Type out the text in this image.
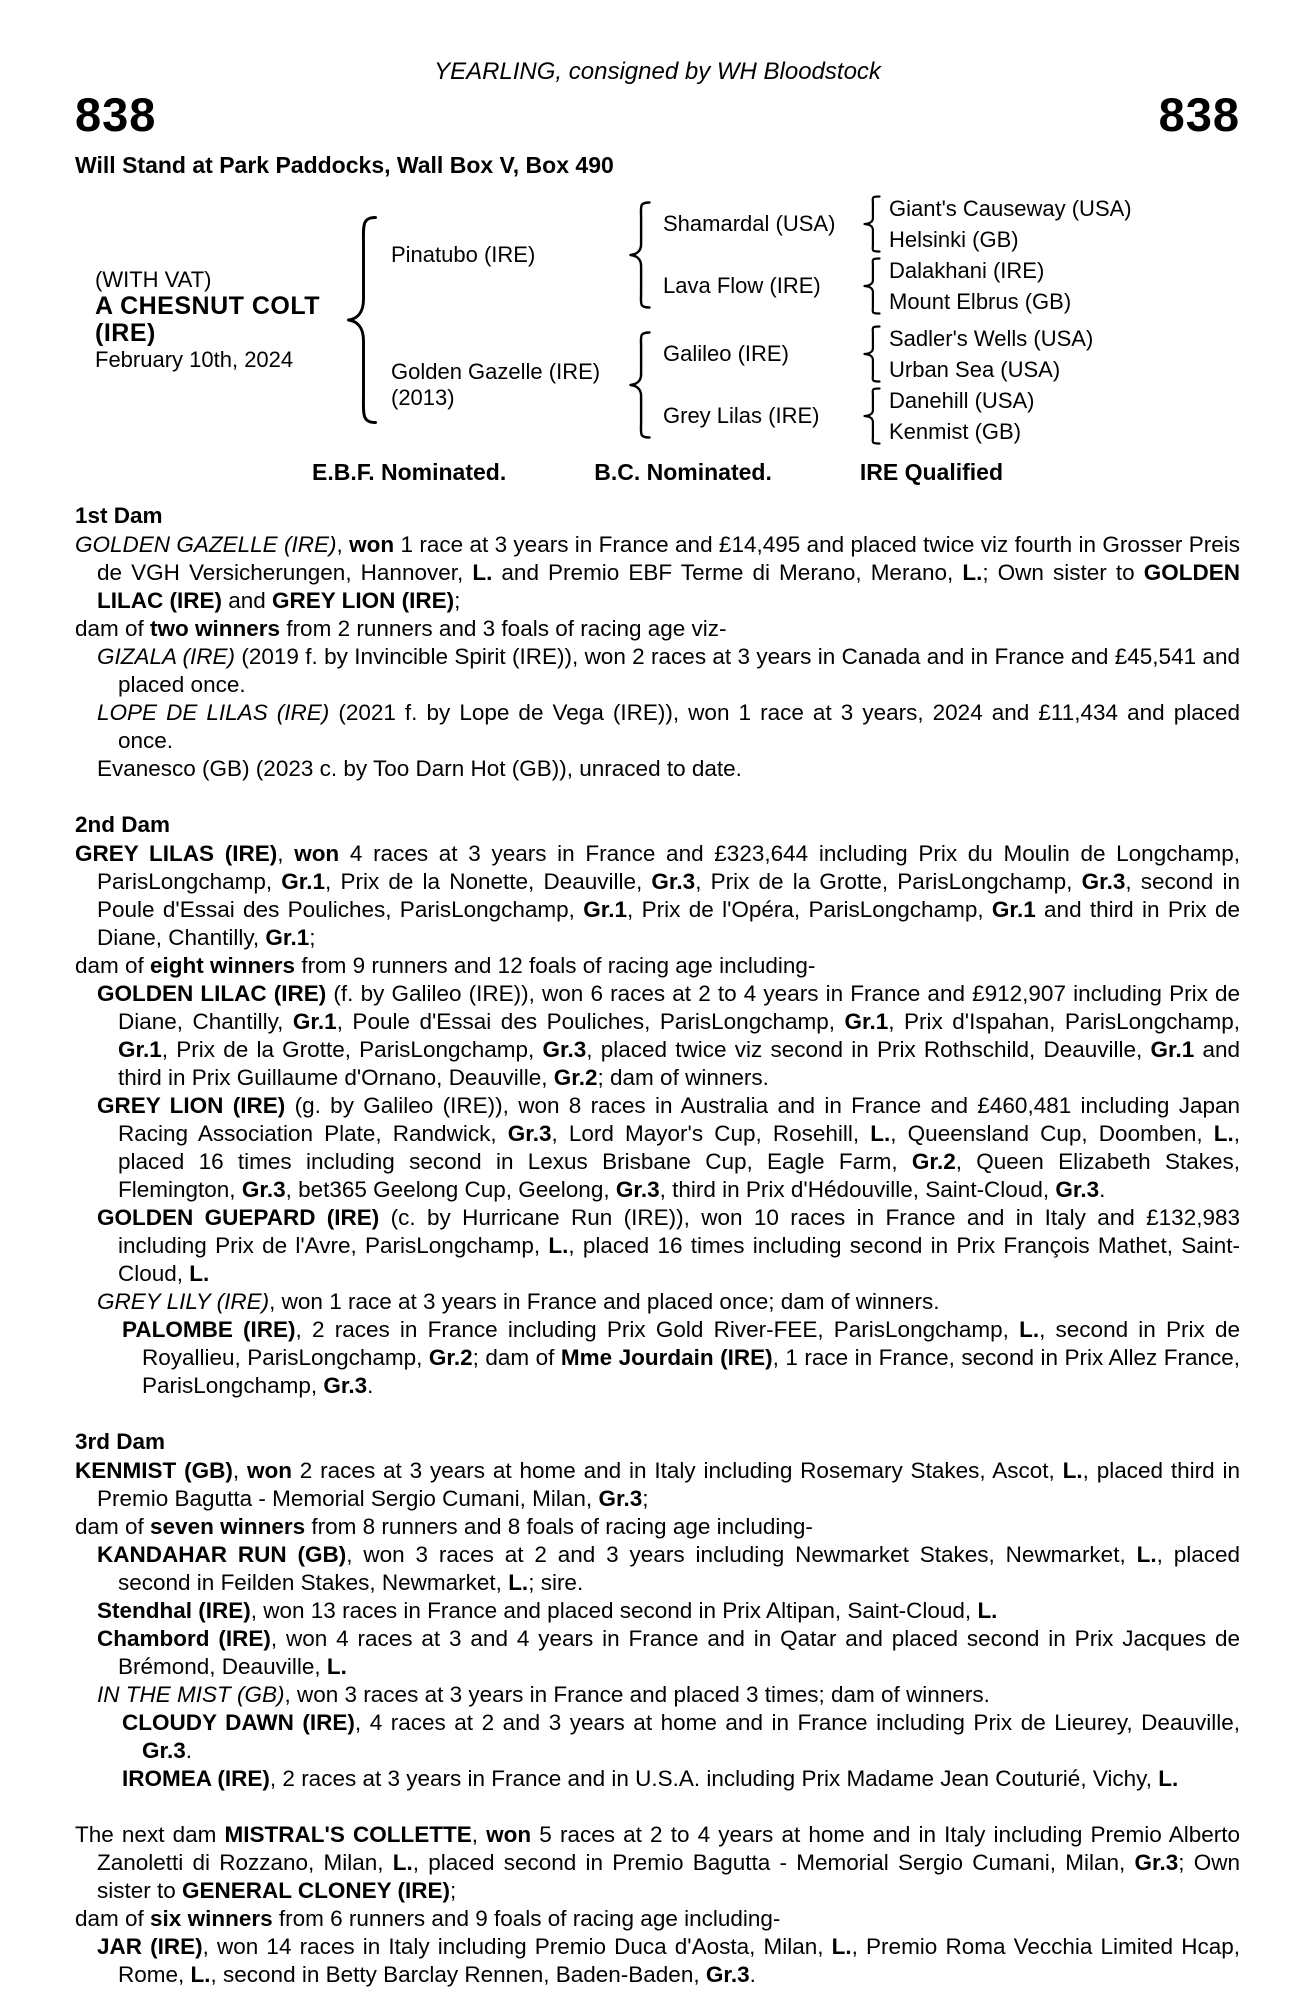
YEARLING, consigned by WH Bloodstock
838	838
Will Stand at Park Paddocks, Wall Box V, Box 490
(WITH VAT)
A CHESNUT COLT
(IRE)
February 10th, 2024
Pinatubo (IRE)
Shamardal (USA)
Giant's Causeway (USA)
Helsinki (GB)
Lava Flow (IRE)
Dalakhani (IRE)
Mount Elbrus (GB)
Golden Gazelle (IRE)
(2013)
Galileo (IRE)
Sadler's Wells (USA)
Urban Sea (USA)
Grey Lilas (IRE)
Danehill (USA)
Kenmist (GB)
E.B.F. Nominated.	B.C. Nominated.	IRE Qualified
1st Dam

GOLDEN GAZELLE (IRE), won 1 race at 3 years in France and £14,495 and placed twice viz fourth in Grosser Preis de VGH Versicherungen, Hannover, L. and Premio EBF Terme di Merano, Merano, L.; Own sister to GOLDEN LILAC (IRE) and GREY LION (IRE);

dam of two winners from 2 runners and 3 foals of racing age viz-

GIZALA (IRE) (2019 f. by Invincible Spirit (IRE)), won 2 races at 3 years in Canada and in France and £45,541 and placed once.

LOPE DE LILAS (IRE) (2021 f. by Lope de Vega (IRE)), won 1 race at 3 years, 2024 and £11,434 and placed once.

Evanesco (GB) (2023 c. by Too Darn Hot (GB)), unraced to date.

2nd Dam

GREY LILAS (IRE), won 4 races at 3 years in France and £323,644 including Prix du Moulin de Longchamp, ParisLongchamp, Gr.1, Prix de la Nonette, Deauville, Gr.3, Prix de la Grotte, ParisLongchamp, Gr.3, second in Poule d'Essai des Pouliches, ParisLongchamp, Gr.1, Prix de l'Opéra, ParisLongchamp, Gr.1 and third in Prix de Diane, Chantilly, Gr.1;

dam of eight winners from 9 runners and 12 foals of racing age including-

GOLDEN LILAC (IRE) (f. by Galileo (IRE)), won 6 races at 2 to 4 years in France and £912,907 including Prix de Diane, Chantilly, Gr.1, Poule d'Essai des Pouliches, ParisLongchamp, Gr.1, Prix d'Ispahan, ParisLongchamp, Gr.1, Prix de la Grotte, ParisLongchamp, Gr.3, placed twice viz second in Prix Rothschild, Deauville, Gr.1 and third in Prix Guillaume d'Ornano, Deauville, Gr.2; dam of winners.

GREY LION (IRE) (g. by Galileo (IRE)), won 8 races in Australia and in France and £460,481 including Japan Racing Association Plate, Randwick, Gr.3, Lord Mayor's Cup, Rosehill, L., Queensland Cup, Doomben, L., placed 16 times including second in Lexus Brisbane Cup, Eagle Farm, Gr.2, Queen Elizabeth Stakes, Flemington, Gr.3, bet365 Geelong Cup, Geelong, Gr.3, third in Prix d'Hédouville, Saint-Cloud, Gr.3.

GOLDEN GUEPARD (IRE) (c. by Hurricane Run (IRE)), won 10 races in France and in Italy and £132,983 including Prix de l'Avre, ParisLongchamp, L., placed 16 times including second in Prix François Mathet, Saint-Cloud, L.

GREY LILY (IRE), won 1 race at 3 years in France and placed once; dam of winners.

PALOMBE (IRE), 2 races in France including Prix Gold River-FEE, ParisLongchamp, L., second in Prix de Royallieu, ParisLongchamp, Gr.2; dam of Mme Jourdain (IRE), 1 race in France, second in Prix Allez France, ParisLongchamp, Gr.3.

3rd Dam

KENMIST (GB), won 2 races at 3 years at home and in Italy including Rosemary Stakes, Ascot, L., placed third in Premio Bagutta - Memorial Sergio Cumani, Milan, Gr.3;

dam of seven winners from 8 runners and 8 foals of racing age including-

KANDAHAR RUN (GB), won 3 races at 2 and 3 years including Newmarket Stakes, Newmarket, L., placed second in Feilden Stakes, Newmarket, L.; sire.

Stendhal (IRE), won 13 races in France and placed second in Prix Altipan, Saint-Cloud, L.

Chambord (IRE), won 4 races at 3 and 4 years in France and in Qatar and placed second in Prix Jacques de Brémond, Deauville, L.

IN THE MIST (GB), won 3 races at 3 years in France and placed 3 times; dam of winners.

CLOUDY DAWN (IRE), 4 races at 2 and 3 years at home and in France including Prix de Lieurey, Deauville, Gr.3.

IROMEA (IRE), 2 races at 3 years in France and in U.S.A. including Prix Madame Jean Couturié, Vichy, L.

The next dam MISTRAL'S COLLETTE, won 5 races at 2 to 4 years at home and in Italy including Premio Alberto Zanoletti di Rozzano, Milan, L., placed second in Premio Bagutta - Memorial Sergio Cumani, Milan, Gr.3; Own sister to GENERAL CLONEY (IRE);

dam of six winners from 6 runners and 9 foals of racing age including-

JAR (IRE), won 14 races in Italy including Premio Duca d'Aosta, Milan, L., Premio Roma Vecchia Limited Hcap, Rome, L., second in Betty Barclay Rennen, Baden-Baden, Gr.3.
